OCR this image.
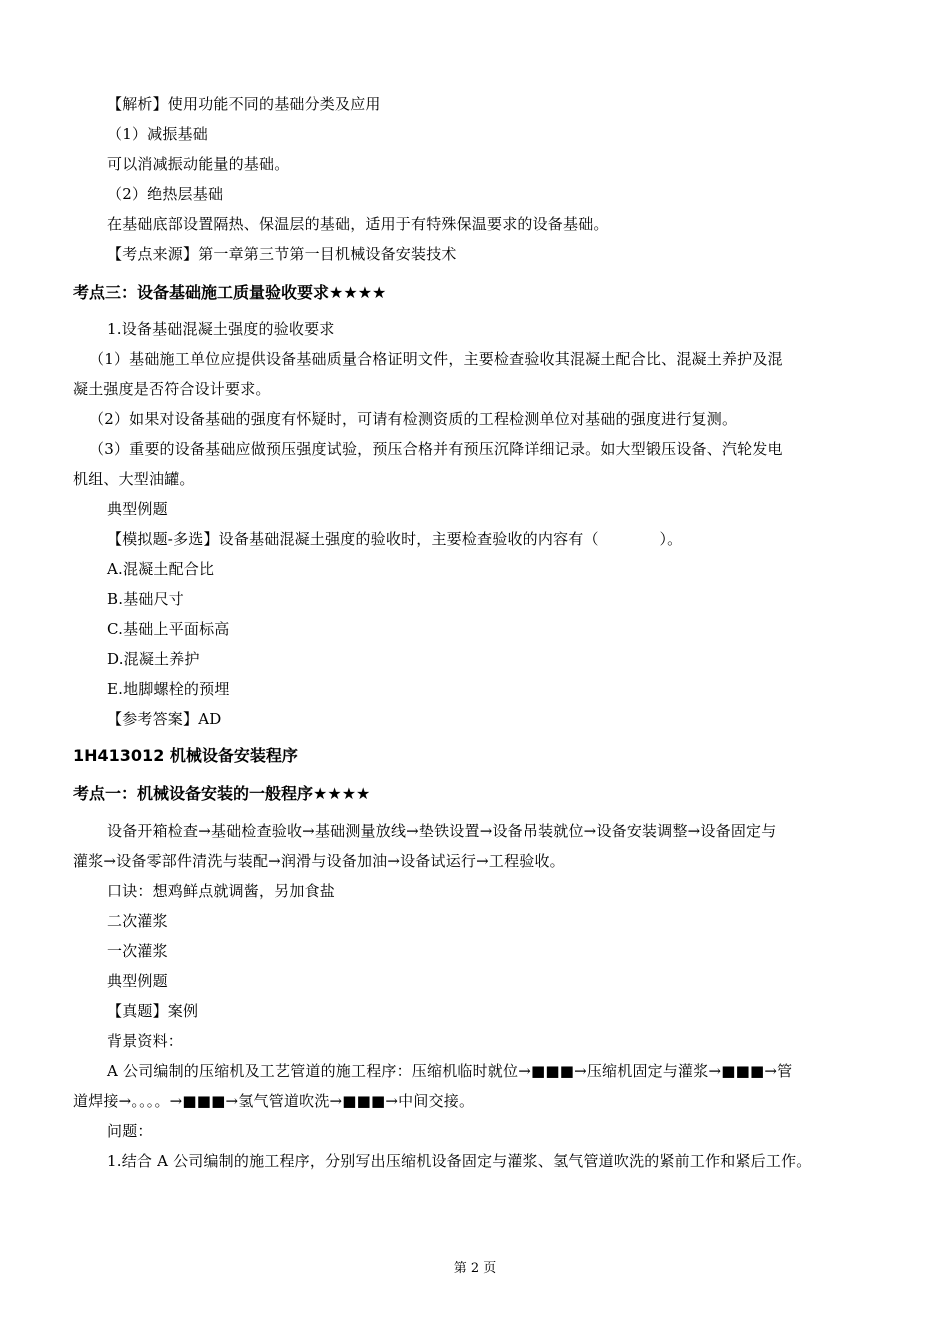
【解析】使用功能不同的基础分类及应用
（1）减振基础
可以消减振动能量的基础。
（2）绝热层基础
在基础底部设置隔热、保温层的基础，适用于有特殊保温要求的设备基础。
【考点来源】第一章第三节第一目机械设备安装技术
考点三：设备基础施工质量验收要求★★★★
1.设备基础混凝土强度的验收要求
（1）基础施工单位应提供设备基础质量合格证明文件，主要检查验收其混凝土配合比、混凝土养护及混
凝土强度是否符合设计要求。
（2）如果对设备基础的强度有怀疑时，可请有检测资质的工程检测单位对基础的强度进行复测。
（3）重要的设备基础应做预压强度试验，预压合格并有预压沉降详细记录。如大型锻压设备、汽轮发电
机组、大型油罐。
典型例题
【模拟题-多选】设备基础混凝土强度的验收时，主要检查验收的内容有（　　　　）。
A.混凝土配合比
B.基础尺寸
C.基础上平面标高
D.混凝土养护
E.地脚螺栓的预埋
【参考答案】AD
1H413012 机械设备安装程序
考点一：机械设备安装的一般程序★★★★
设备开箱检查→基础检查验收→基础测量放线→垫铁设置→设备吊装就位→设备安装调整→设备固定与
灌浆→设备零部件清洗与装配→润滑与设备加油→设备试运行→工程验收。
口诀：想鸡鲜点就调酱，另加食盐
二次灌浆
一次灌浆
典型例题
【真题】案例
背景资料：
A 公司编制的压缩机及工艺管道的施工程序：压缩机临时就位→■■■→压缩机固定与灌浆→■■■→管
道焊接→。。。。→■■■→氢气管道吹洗→■■■→中间交接。
问题：
1.结合 A 公司编制的施工程序，分别写出压缩机设备固定与灌浆、氢气管道吹洗的紧前工作和紧后工作。
第 2 页
